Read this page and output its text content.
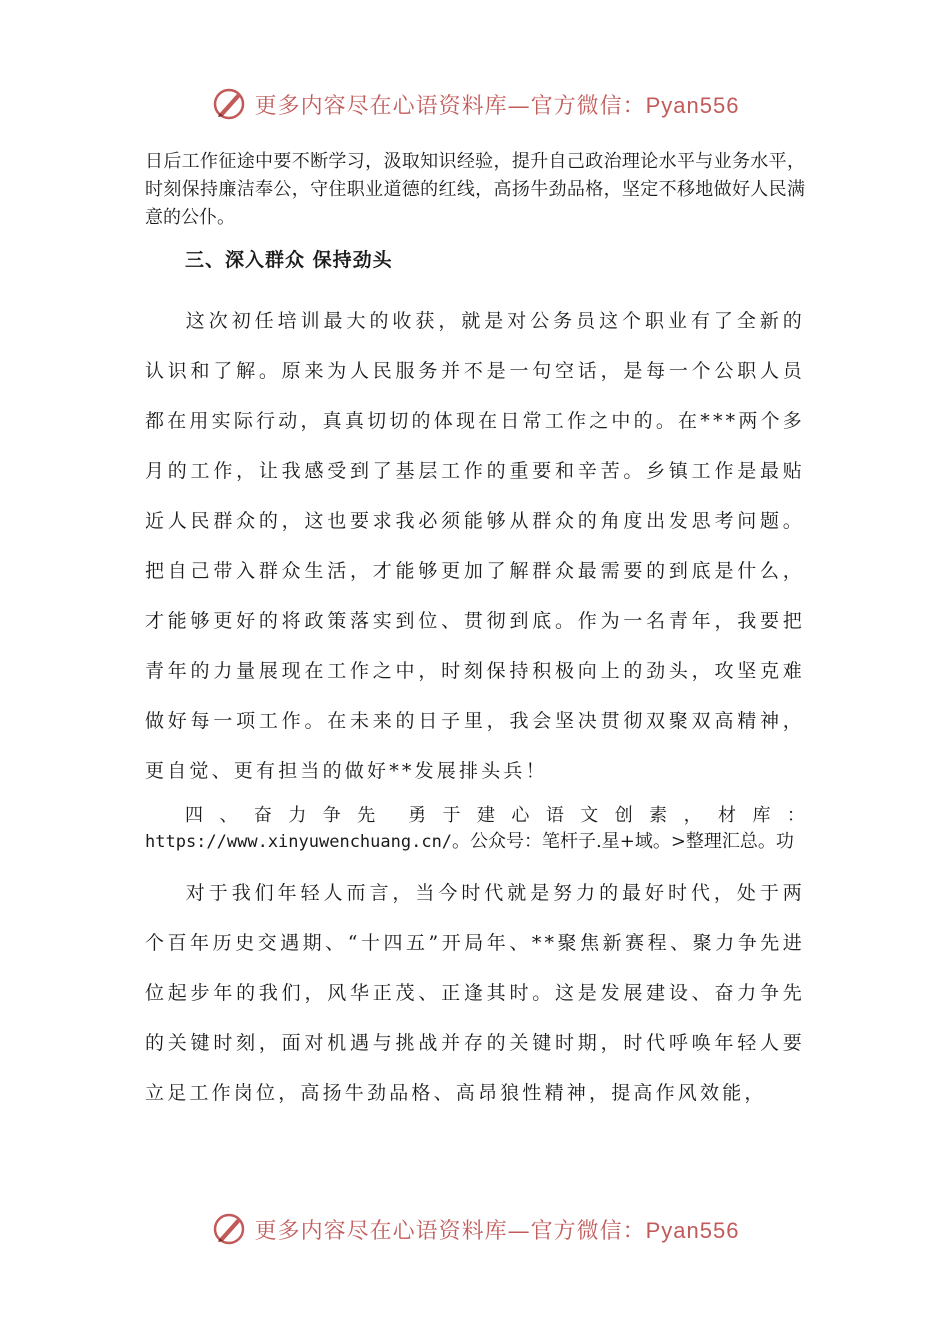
更多内容尽在心语资料库—官方微信：Pyan556
日后工作征途中要不断学习，汲取知识经验，提升自己政治理论水平与业务水平，时刻保持廉洁奉公，守住职业道德的红线，高扬牛劲品格，坚定不移地做好人民满意的公仆。
三、深入群众 保持劲头
这次初任培训最大的收获，就是对公务员这个职业有了全新的认识和了解。原来为人民服务并不是一句空话，是每一个公职人员都在用实际行动，真真切切的体现在日常工作之中的。在***两个多月的工作，让我感受到了基层工作的重要和辛苦。乡镇工作是最贴近人民群众的，这也要求我必须能够从群众的角度出发思考问题。把自己带入群众生活，才能够更加了解群众最需要的到底是什么，才能够更好的将政策落实到位、贯彻到底。作为一名青年，我要把青年的力量展现在工作之中，时刻保持积极向上的劲头，攻坚克难做好每一项工作。在未来的日子里，我会坚决贯彻双聚双高精神，更自觉、更有担当的做好**发展排头兵！
四 、 奋 力 争 先 勇 于 建 心 语 文 创 素 ， 材 库 ：
https://www.xinyuwenchuang.cn/。公众号：笔杆子.星+域。>整理汇总。功
对于我们年轻人而言，当今时代就是努力的最好时代，处于两个百年历史交遇期、“十四五”开局年、**聚焦新赛程、聚力争先进位起步年的我们，风华正茂、正逢其时。这是发展建设、奋力争先的关键时刻，面对机遇与挑战并存的关键时期，时代呼唤年轻人要立足工作岗位，高扬牛劲品格、高昂狼性精神，提高作风效能，
更多内容尽在心语资料库—官方微信：Pyan556
